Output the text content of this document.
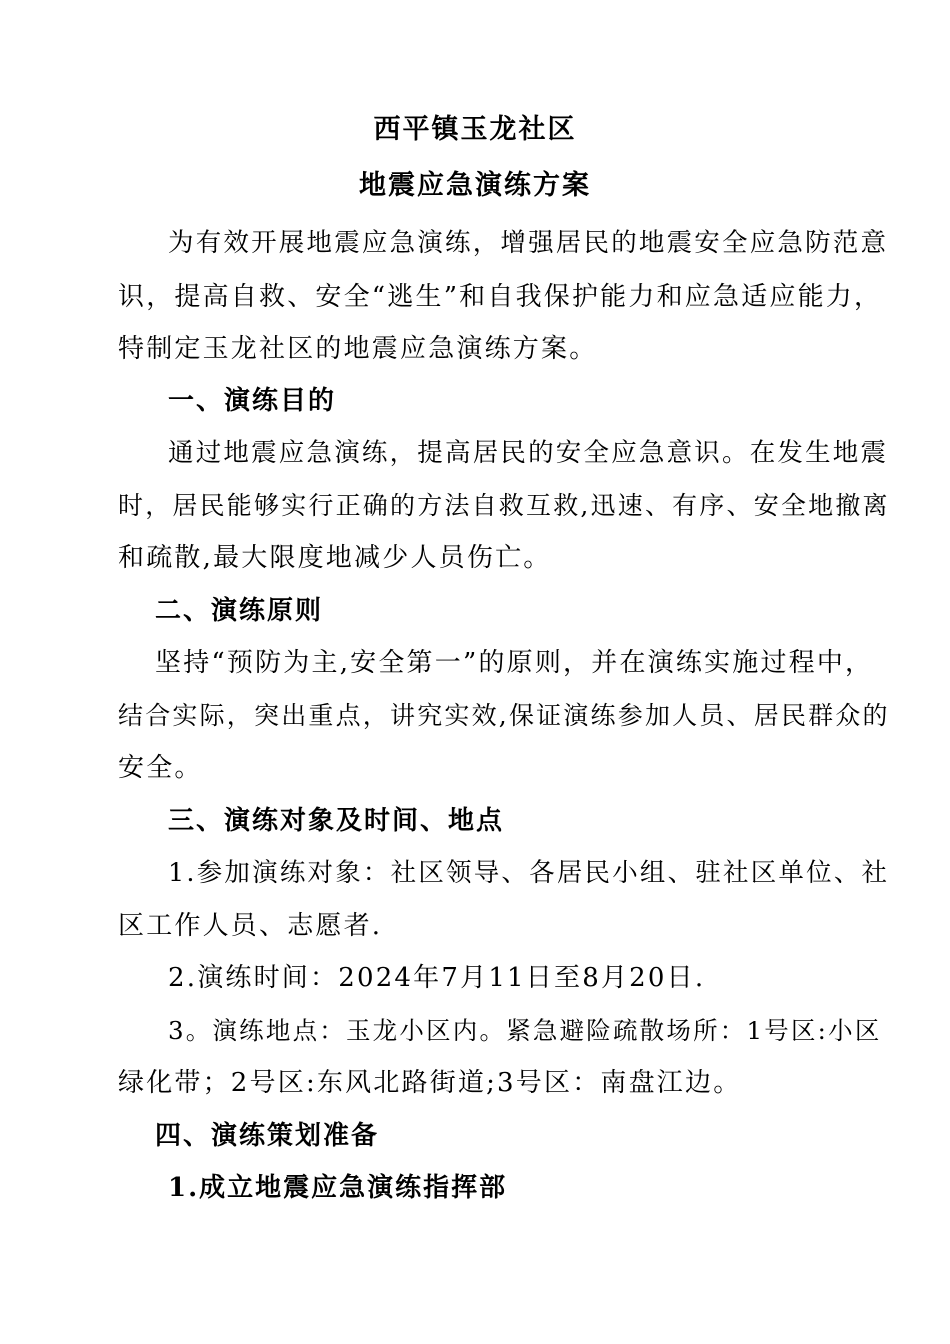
西平镇玉龙社区
地震应急演练方案
为有效开展地震应急演练，增强居民的地震安全应急防范意
识，提高自救、安全“逃生”和自我保护能力和应急适应能力，
特制定玉龙社区的地震应急演练方案。
一、演练目的
通过地震应急演练，提高居民的安全应急意识。在发生地震
时，居民能够实行正确的方法自救互救,迅速、有序、安全地撤离
和疏散,最大限度地减少人员伤亡。
二、演练原则
坚持“预防为主,安全第一”的原则，并在演练实施过程中，
结合实际，突出重点，讲究实效,保证演练参加人员、居民群众的
安全。
三、演练对象及时间、地点
1.参加演练对象：社区领导、各居民小组、驻社区单位、社
区工作人员、志愿者.
2.演练时间：2024年7月11日至8月20日.
3。演练地点：玉龙小区内。紧急避险疏散场所：1号区:小区
绿化带；2号区:东风北路街道;3号区：南盘江边。
四、演练策划准备
1.成立地震应急演练指挥部
